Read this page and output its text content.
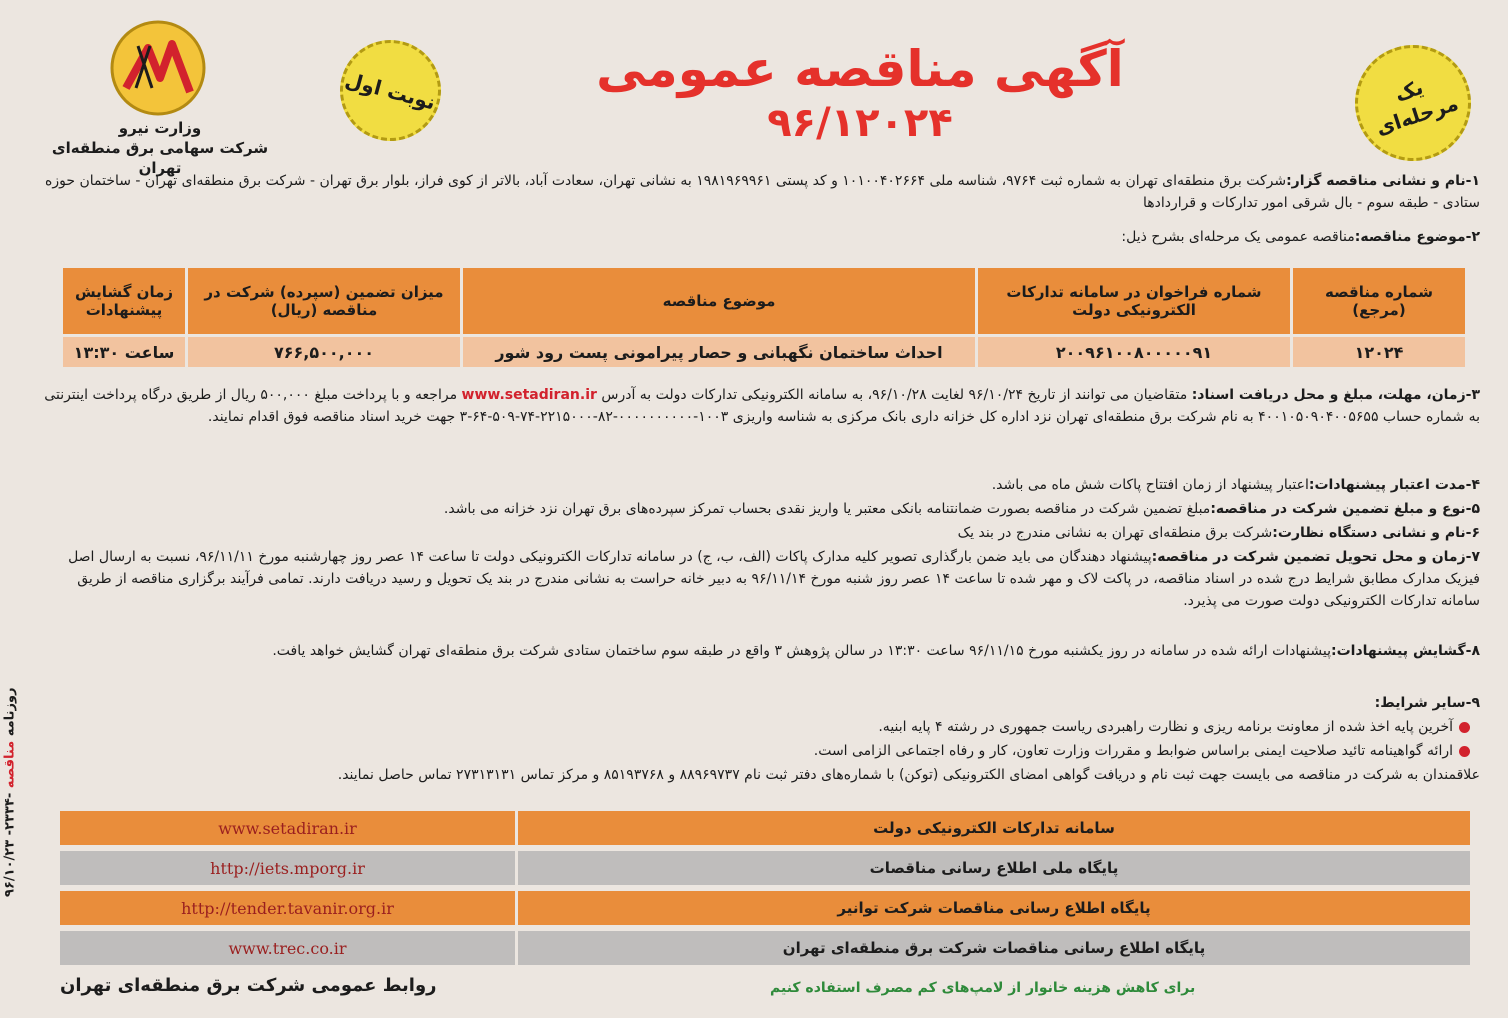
وزارت نیرو
شرکت سهامی برق منطقه‌ای تهران
نوبت اول	یک مرحله‌ای
آگهی مناقصه عمومی
۹۶/۱۲۰۲۴
۱-نام و نشانی مناقصه گزار:شرکت برق منطقه‌ای تهران به شماره ثبت ۹۷۶۴، شناسه ملی ۱۰۱۰۰۴۰۲۶۶۴ و کد پستی ۱۹۸۱۹۶۹۹۶۱ به نشانی تهران، سعادت آباد، بالاتر از کوی فراز، بلوار برق تهران - شرکت برق منطقه‌ای تهران - ساختمان حوزه ستادی - طبقه سوم - بال شرقی امور تدارکات و قراردادها
۲-موضوع مناقصه:مناقصه عمومی یک مرحله‌ای بشرح ذیل:
شماره مناقصه (مرجع)	شماره فراخوان در سامانه تدارکات الکترونیکی دولت	موضوع مناقصه	میزان تضمین (سپرده) شرکت در مناقصه (ریال)	زمان گشایش پیشنهادات
۱۲۰۲۴	۲۰۰۹۶۱۰۰۸۰۰۰۰۰۹۱	احداث ساختمان نگهبانی و حصار پیرامونی پست رود شور	۷۶۶,۵۰۰,۰۰۰	ساعت ۱۳:۳۰
۳-زمان، مهلت، مبلغ و محل دریافت اسناد: متقاضیان می توانند از تاریخ ۹۶/۱۰/۲۴ لغایت ۹۶/۱۰/۲۸، به سامانه الکترونیکی تدارکات دولت به آدرس www.setadiran.ir مراجعه و با پرداخت مبلغ ۵۰۰,۰۰۰ ریال از طریق درگاه پرداخت اینترنتی به شماره حساب ۴۰۰۱۰۵۰۹۰۴۰۰۵۶۵۵ به نام شرکت برق منطقه‌ای تهران نزد اداره کل خزانه داری بانک مرکزی به شناسه واریزی ۱۰۰۳-۰۰۰۰۰۰۰۰۰۰-۸۲-۲۲۱۵۰۰۰-۷۴-۵۰۹-۶۴-۳ جهت خرید اسناد مناقصه فوق اقدام نمایند.
۴-مدت اعتبار پیشنهادات:اعتبار پیشنهاد از زمان افتتاح پاکات شش ماه می باشد.
۵-نوع و مبلغ تضمین شرکت در مناقصه:مبلغ تضمین شرکت در مناقصه بصورت ضمانتنامه بانکی معتبر یا واریز نقدی بحساب تمرکز سپرده‌های برق تهران نزد خزانه می باشد.
۶-نام و نشانی دستگاه نظارت:شرکت برق منطقه‌ای تهران به نشانی مندرج در بند یک
۷-زمان و محل تحویل تضمین شرکت در مناقصه:پیشنهاد دهندگان می باید ضمن بارگذاری تصویر کلیه مدارک پاکات (الف، ب، ج) در سامانه تدارکات الکترونیکی دولت تا ساعت ۱۴ عصر روز چهارشنبه مورخ ۹۶/۱۱/۱۱، نسبت به ارسال اصل فیزیک مدارک مطابق شرایط درج شده در اسناد مناقصه، در پاکت لاک و مهر شده تا ساعت ۱۴ عصر روز شنبه مورخ ۹۶/۱۱/۱۴ به دبیر خانه حراست به نشانی مندرج در بند یک تحویل و رسید دریافت دارند. تمامی فرآیند برگزاری مناقصه از طریق سامانه تدارکات الکترونیکی دولت صورت می پذیرد.
۸-گشایش پیشنهادات:پیشنهادات ارائه شده در سامانه در روز یکشنبه مورخ ۹۶/۱۱/۱۵ ساعت ۱۳:۳۰ در سالن پژوهش ۳ واقع در طبقه سوم ساختمان ستادی شرکت برق منطقه‌ای تهران گشایش خواهد یافت.
۹-سایر شرایط:
آخرین پایه اخذ شده از معاونت برنامه ریزی و نظارت راهبردی ریاست جمهوری در رشته ۴ پایه ابنیه.
ارائه گواهینامه تائید صلاحیت ایمنی براساس ضوابط و مقررات وزارت تعاون، کار و رفاه اجتماعی الزامی است.
علاقمندان به شرکت در مناقصه می بایست جهت ثبت نام و دریافت گواهی امضای الکترونیکی (توکن) با شماره‌های دفتر ثبت نام ۸۸۹۶۹۷۳۷ و ۸۵۱۹۳۷۶۸ و مرکز تماس ۲۷۳۱۳۱۳۱ تماس حاصل نمایند.
سامانه تدارکات الکترونیکی دولت	www.setadiran.ir
پایگاه ملی اطلاع رسانی مناقصات	http://iets.mporg.ir
پایگاه اطلاع رسانی مناقصات شرکت توانیر	http://tender.tavanir.org.ir
پایگاه اطلاع رسانی مناقصات شرکت برق منطقه‌ای تهران	www.trec.co.ir
روابط عمومی شرکت برق منطقه‌ای تهران	برای کاهش هزینه خانوار از لامپ‌های کم مصرف استفاده کنیم
روزنامه مناقصه -۲۳۳۴- ۹۶/۱۰/۲۳
